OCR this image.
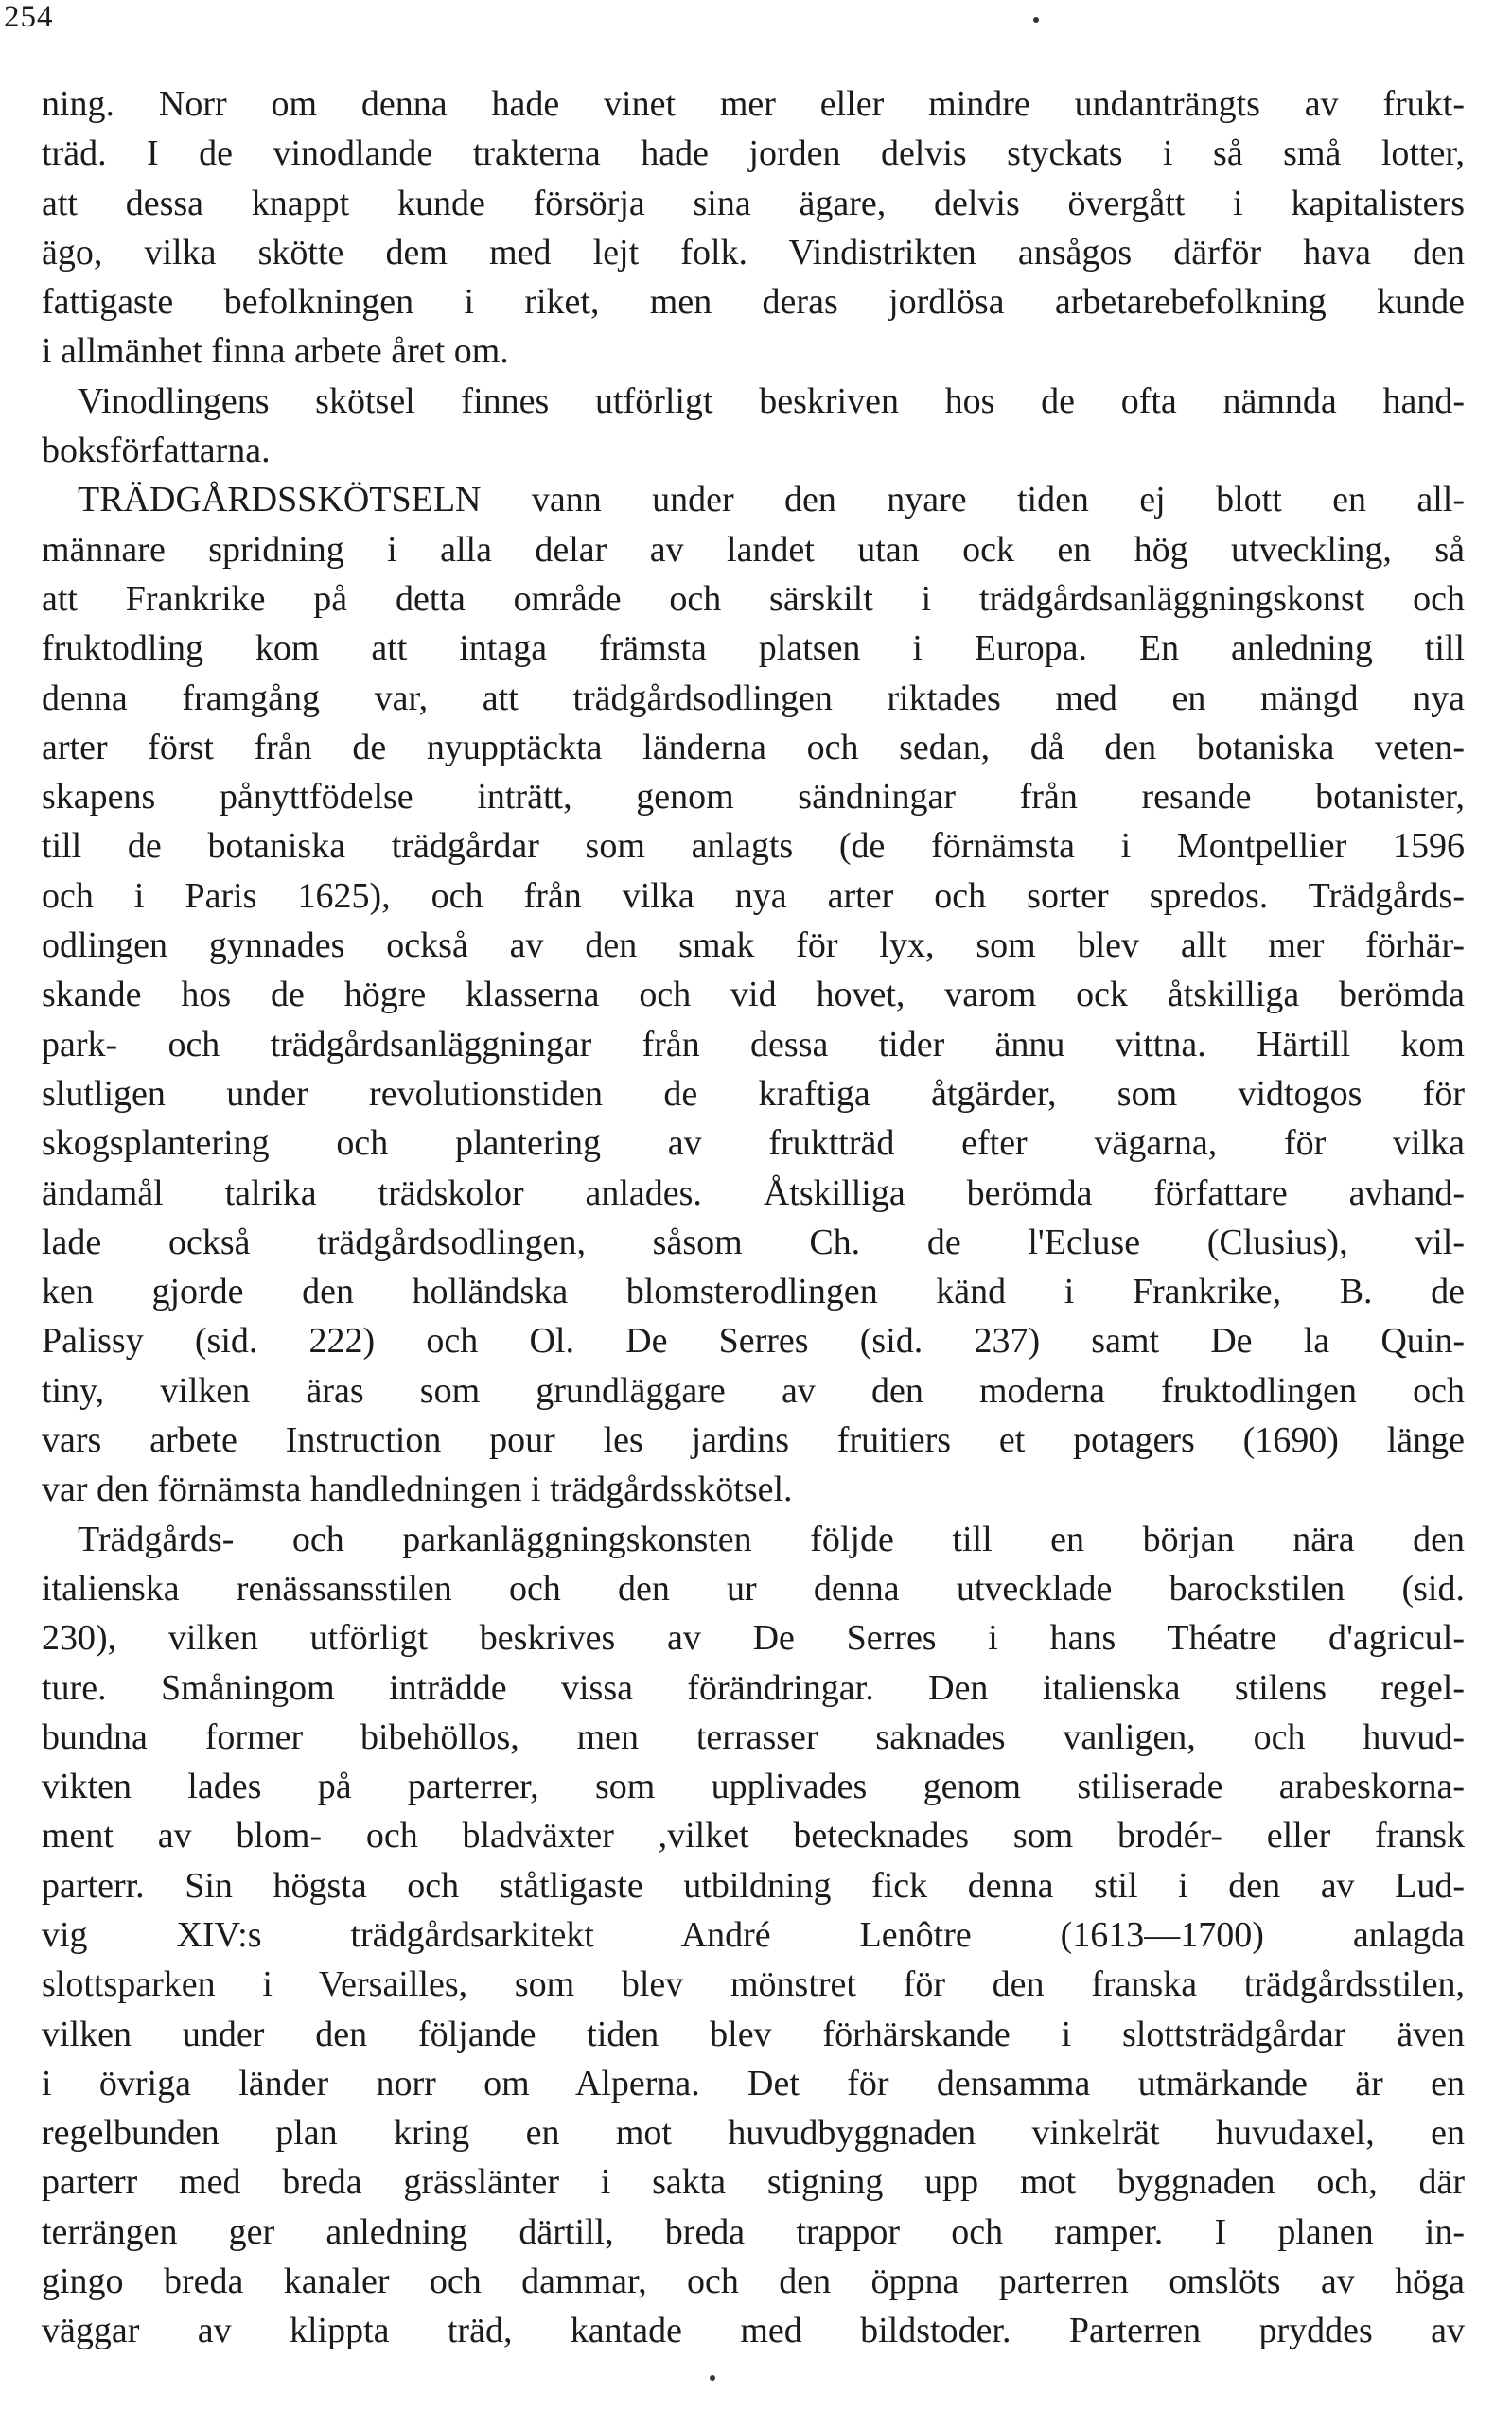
254
ning. Norr om denna hade vinet mer eller mindre undanträngts av frukt-
träd. I de vinodlande trakterna hade jorden delvis styckats i så små lotter,
att dessa knappt kunde försörja sina ägare, delvis övergått i kapitalisters
ägo, vilka skötte dem med lejt folk. Vindistrikten ansågos därför hava den
fattigaste befolkningen i riket, men deras jordlösa arbetarebefolkning kunde
i allmänhet finna arbete året om.
Vinodlingens skötsel finnes utförligt beskriven hos de ofta nämnda hand-
boksförfattarna.
TRÄDGÅRDSSKÖTSELN vann under den nyare tiden ej blott en all-
männare spridning i alla delar av landet utan ock en hög utveckling, så
att Frankrike på detta område och särskilt i trädgårdsanläggningskonst och
fruktodling kom att intaga främsta platsen i Europa. En anledning till
denna framgång var, att trädgårdsodlingen riktades med en mängd nya
arter först från de nyupptäckta länderna och sedan, då den botaniska veten-
skapens pånyttfödelse inträtt, genom sändningar från resande botanister,
till de botaniska trädgårdar som anlagts (de förnämsta i Montpellier 1596
och i Paris 1625), och från vilka nya arter och sorter spredos. Trädgårds-
odlingen gynnades också av den smak för lyx, som blev allt mer förhär-
skande hos de högre klasserna och vid hovet, varom ock åtskilliga berömda
park- och trädgårdsanläggningar från dessa tider ännu vittna. Härtill kom
slutligen under revolutionstiden de kraftiga åtgärder, som vidtogos för
skogsplantering och plantering av fruktträd efter vägarna, för vilka
ändamål talrika trädskolor anlades. Åtskilliga berömda författare avhand-
lade också trädgårdsodlingen, såsom Ch. de l'Ecluse (Clusius), vil-
ken gjorde den holländska blomsterodlingen känd i Frankrike, B. de
Palissy (sid. 222) och Ol. De Serres (sid. 237) samt De la Quin-
tiny, vilken äras som grundläggare av den moderna fruktodlingen och
vars arbete Instruction pour les jardins fruitiers et potagers (1690) länge
var den förnämsta handledningen i trädgårdsskötsel.
Trädgårds- och parkanläggningskonsten följde till en början nära den
italienska renässansstilen och den ur denna utvecklade barockstilen (sid.
230), vilken utförligt beskrives av De Serres i hans Théatre d'agricul-
ture. Småningom inträdde vissa förändringar. Den italienska stilens regel-
bundna former bibehöllos, men terrasser saknades vanligen, och huvud-
vikten lades på parterrer, som upplivades genom stiliserade arabeskorna-
ment av blom- och bladväxter ,vilket betecknades som brodér- eller fransk
parterr. Sin högsta och ståtligaste utbildning fick denna stil i den av Lud-
vig XIV:s trädgårdsarkitekt André Lenôtre (1613—1700) anlagda
slottsparken i Versailles, som blev mönstret för den franska trädgårdsstilen,
vilken under den följande tiden blev förhärskande i slottsträdgårdar även
i övriga länder norr om Alperna. Det för densamma utmärkande är en
regelbunden plan kring en mot huvudbyggnaden vinkelrät huvudaxel, en
parterr med breda grässlänter i sakta stigning upp mot byggnaden och, där
terrängen ger anledning därtill, breda trappor och ramper. I planen in-
gingo breda kanaler och dammar, och den öppna parterren omslöts av höga
väggar av klippta träd, kantade med bildstoder. Parterren pryddes av
